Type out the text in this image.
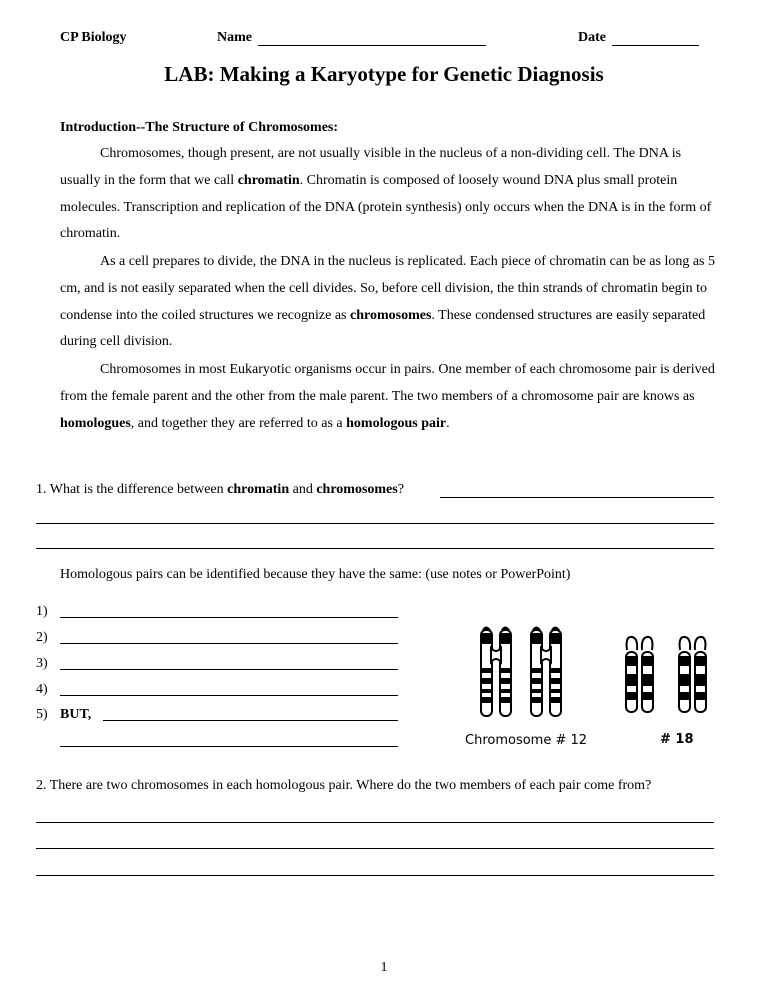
CP Biology	Name	Date
LAB: Making a Karyotype for Genetic Diagnosis
Introduction--The Structure of Chromosomes:

Chromosomes, though present, are not usually visible in the nucleus of a non-dividing cell. The DNA is usually in the form that we call chromatin. Chromatin is composed of loosely wound DNA plus small protein molecules. Transcription and replication of the DNA (protein synthesis) only occurs when the DNA is in the form of chromatin.

As a cell prepares to divide, the DNA in the nucleus is replicated. Each piece of chromatin can be as long as 5 cm, and is not easily separated when the cell divides. So, before cell division, the thin strands of chromatin begin to condense into the coiled structures we recognize as chromosomes. These condensed structures are easily separated during cell division.

Chromosomes in most Eukaryotic organisms occur in pairs. One member of each chromosome pair is derived from the female parent and the other from the male parent. The two members of a chromosome pair are knows as homologues, and together they are referred to as a homologous pair.

1. What is the difference between chromatin and chromosomes?
Homologous pairs can be identified because they have the same: (use notes or PowerPoint)
1)
2)
3)
4)
5) BUT,
Chromosome # 12	# 18
2. There are two chromosomes in each homologous pair. Where do the two members of each pair come from?
1
